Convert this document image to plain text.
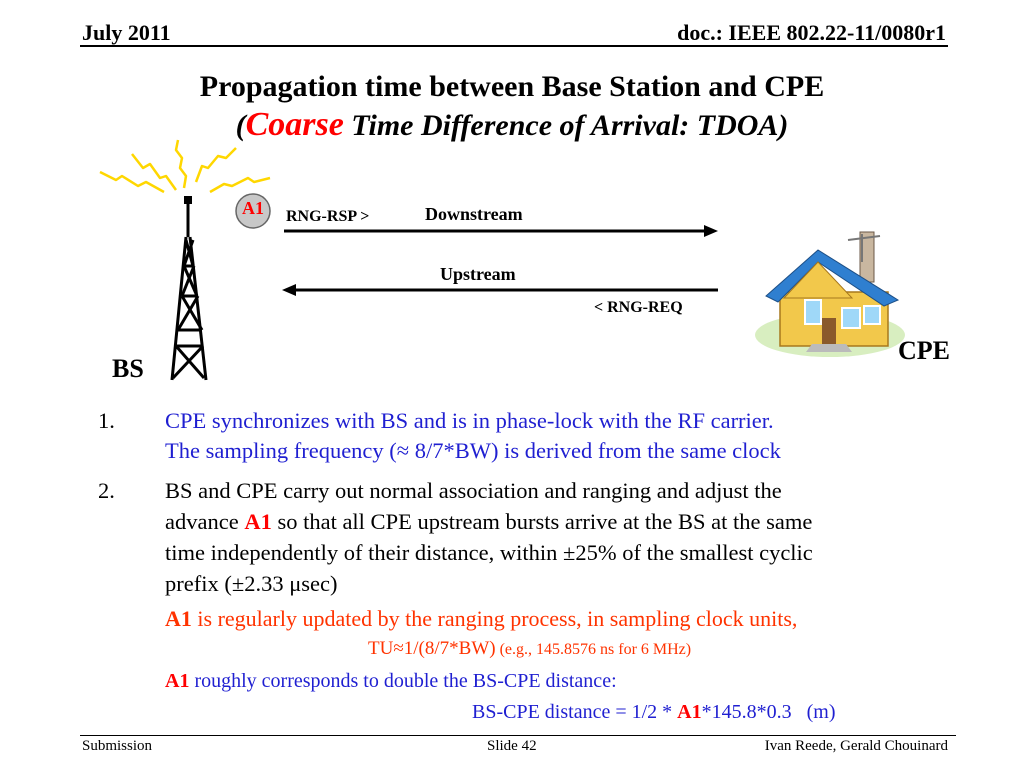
July 2011	doc.: IEEE 802.22-11/0080r1
Propagation time between Base Station and CPE
(Coarse Time Difference of Arrival: TDOA)
A1	RNG-RSP >	Downstream
Upstream
< RNG-REQ
BS
CPE
1. CPE synchronizes with BS and is in phase-lock with the RF carrier.
The sampling frequency (≈ 8/7*BW) is derived from the same clock
2. BS and CPE carry out normal association and ranging and adjust the
advance A1 so that all CPE upstream bursts arrive at the BS at the same
time independently of their distance, within ±25% of the smallest cyclic
prefix (±2.33 μsec)
A1 is regularly updated by the ranging process, in sampling clock units,
TU≈1/(8/7*BW) (e.g., 145.8576 ns for 6 MHz)
A1 roughly corresponds to double the BS-CPE distance:
BS-CPE distance = 1/2 * A1*145.8*0.3   (m)
Submission	Slide 42	Ivan Reede, Gerald Chouinard
